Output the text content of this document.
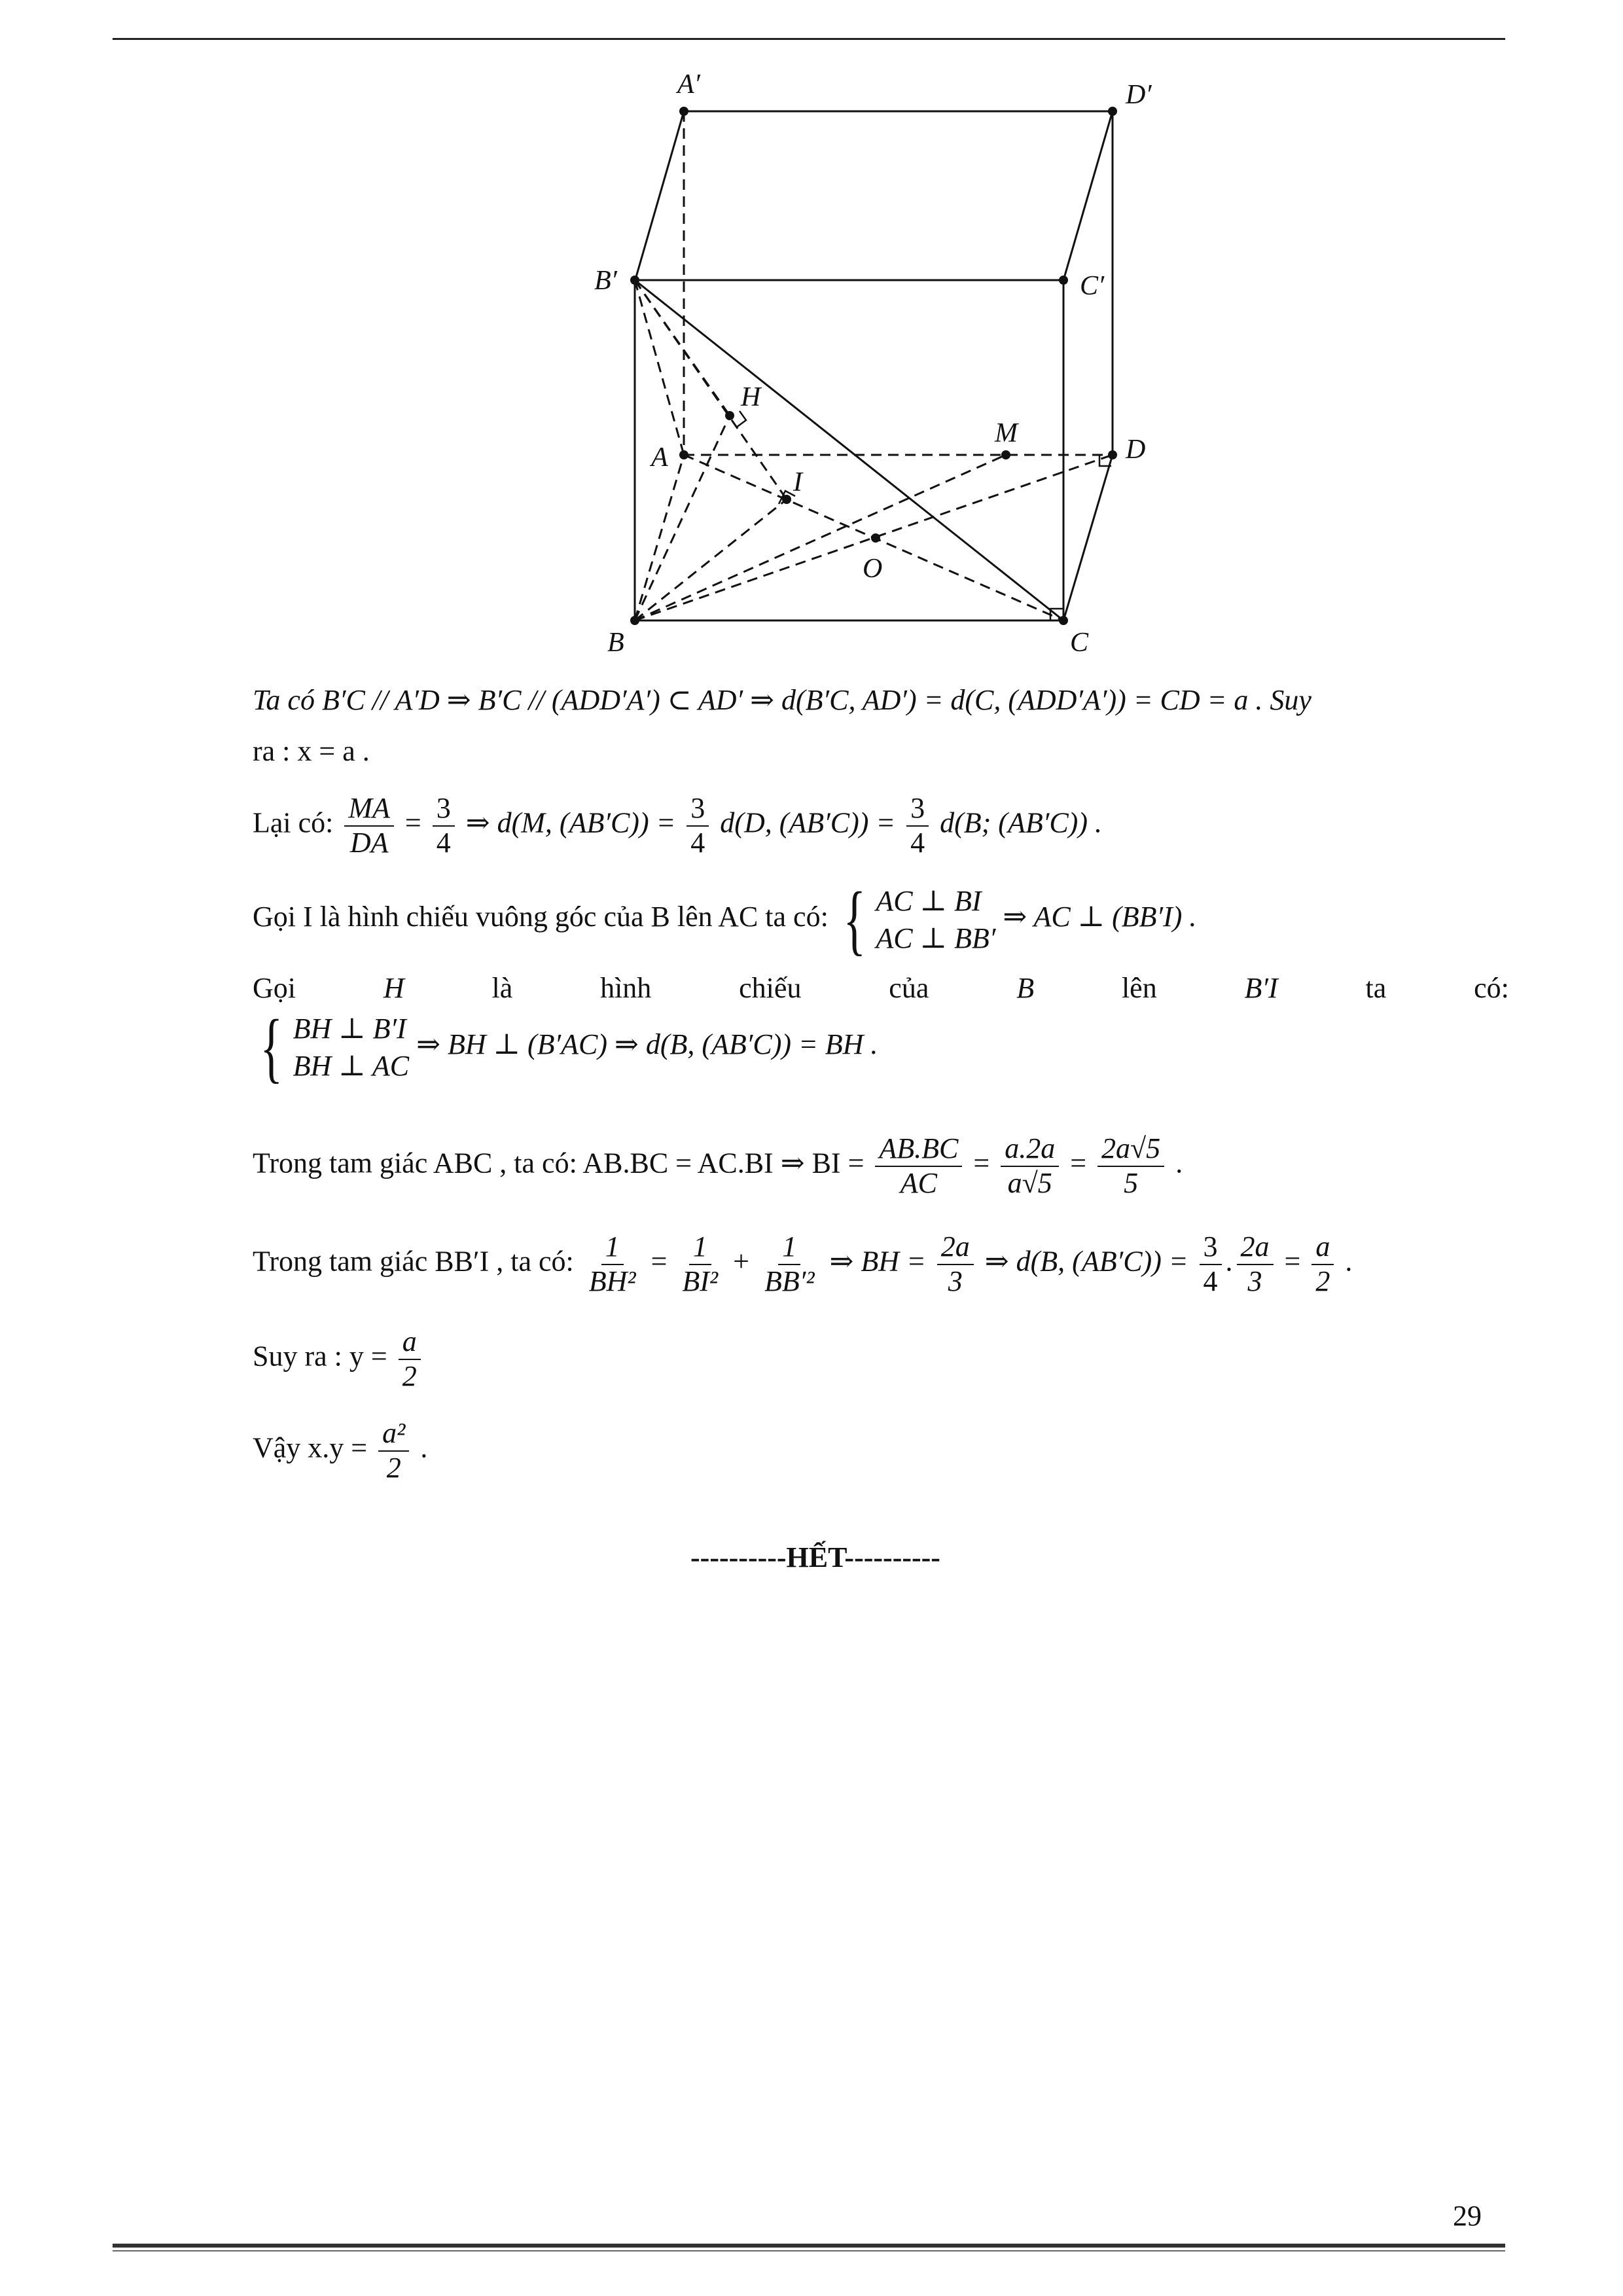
A′	D′
B′	C′
H
M
A	D
I
O
B	C
Ta có B′C // A′D ⇒ B′C // (ADD′A′) ⊂ AD′ ⇒ d(B′C, AD′) = d(C, (ADD′A′)) = CD = a . Suy
ra : x = a .
Lại có: $\frac{MA}{DA} = \frac{3}{4}$ ⇒ d(M, $(AB'C)) = \frac{3}{4} d(D$, $(AB'C)) = \frac{3}{4} d(B$; (AB′C)) .
Gọi I là hình chiếu vuông góc của B lên AC ta có: { AC ⊥ BI
AC ⊥ BB′
⇒ AC ⊥ (BB′I) .
Gọi	H	là	hình	chiếu	của	B	lên	B′I	ta	có:
{ BH ⊥ B′I
BH ⊥ AC
⇒ BH ⊥ (B′AC) ⇒ d(B, (AB′C)) = BH .
Trong tam giác ABC , ta có: AB.BC = AC.BI ⇒ BI = $\frac{AB.BC}{AC} = \frac{a.2a}{a√5} = \frac{2a√5}{5}$ .
Trong tam giác BB′I , ta có: $\frac{1}{\text{BH²}} = \frac{1}{\text{BI²}} + \frac{1}{\text{BB′²}}$ ⇒ BH = $\frac{2a}{3}$ ⇒ d(B, $(AB'C)) = \frac{3}{4}$ . $\frac{2a}{3} = \frac{a}{2}$ .
Suy ra : $y = \frac{a}{2}$
Vậy $x.y = \frac{\text{a²}}{2}$ .
----------HẾT----------
29
